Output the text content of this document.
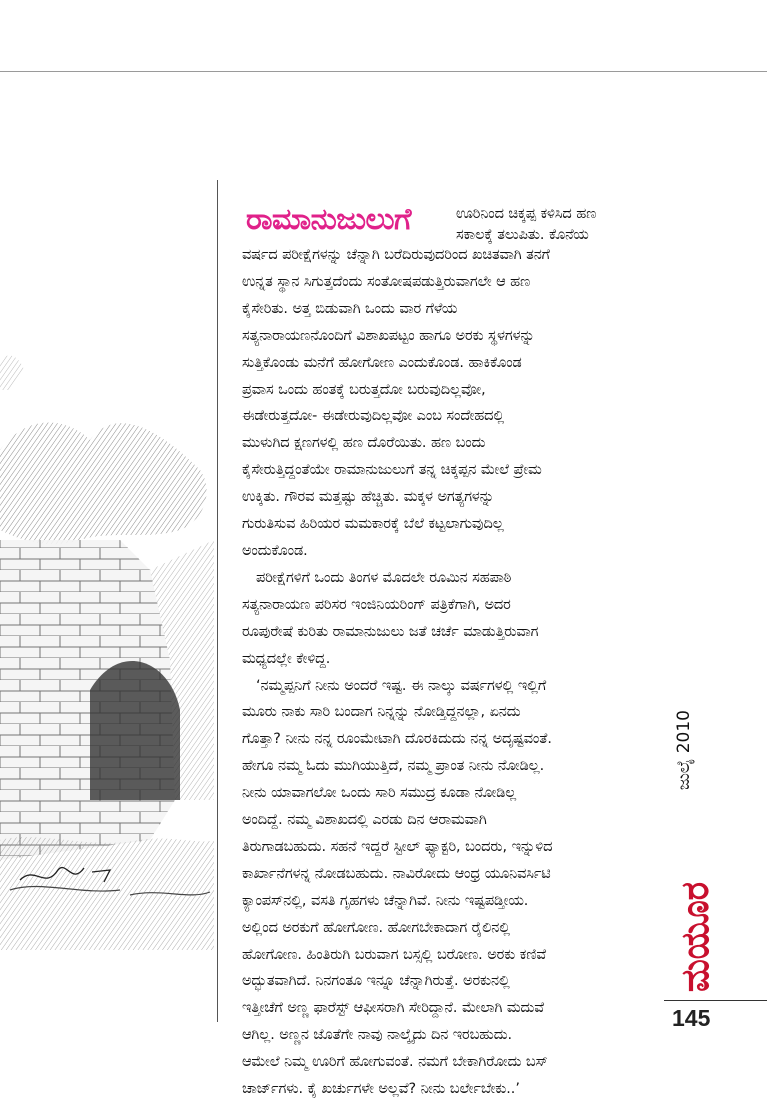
ರಾಮಾನುಜುಲುಗೆ	ಊರಿನಿಂದ ಚಿಕ್ಕಪ್ಪ ಕಳಿಸಿದ ಹಣ
ಸಕಾಲಕ್ಕೆ ತಲುಪಿತು. ಕೊನೆಯ
ವರ್ಷದ ಪರೀಕ್ಷೆಗಳನ್ನು ಚೆನ್ನಾಗಿ ಬರೆದಿರುವುದರಿಂದ ಖಚಿತವಾಗಿ ತನಗೆ
ಉನ್ನತ ಸ್ಥಾನ ಸಿಗುತ್ತದೆಂದು ಸಂತೋಷಪಡುತ್ತಿರುವಾಗಲೇ ಆ ಹಣ
ಕೈಸೇರಿತು. ಅತ್ತ ಬಿಡುವಾಗಿ ಒಂದು ವಾರ ಗೆಳೆಯ
ಸತ್ಯನಾರಾಯಣನೊಂದಿಗೆ ವಿಶಾಖಪಟ್ಟಂ ಹಾಗೂ ಅರಕು ಸ್ಥಳಗಳನ್ನು
ಸುತ್ತಿಕೊಂಡು ಮನೆಗೆ ಹೋಗೋಣ ಎಂದುಕೊಂಡ. ಹಾಕಿಕೊಂಡ
ಪ್ರವಾಸ ಒಂದು ಹಂತಕ್ಕೆ ಬರುತ್ತದೋ ಬರುವುದಿಲ್ಲವೋ,
ಈಡೇರುತ್ತದೋ- ಈಡೇರುವುದಿಲ್ಲವೋ ಎಂಬ ಸಂದೇಹದಲ್ಲಿ
ಮುಳುಗಿದ ಕ್ಷಣಗಳಲ್ಲಿ ಹಣ ದೊರೆಯಿತು. ಹಣ ಬಂದು
ಕೈಸೇರುತ್ತಿದ್ದಂತೆಯೇ ರಾಮಾನುಜುಲುಗೆ ತನ್ನ ಚಿಕ್ಕಪ್ಪನ ಮೇಲೆ ಪ್ರೇಮ
ಉಕ್ಕಿತು. ಗೌರವ ಮತ್ತಷ್ಟು ಹೆಚ್ಚಿತು. ಮಕ್ಕಳ ಅಗತ್ಯಗಳನ್ನು
ಗುರುತಿಸುವ ಹಿರಿಯರ ಮಮಕಾರಕ್ಕೆ ಬೆಲೆ ಕಟ್ಟಲಾಗುವುದಿಲ್ಲ
ಅಂದುಕೊಂಡ.
ಪರೀಕ್ಷೆಗಳಿಗೆ ಒಂದು ತಿಂಗಳ ಮೊದಲೇ ರೂಮಿನ ಸಹಪಾಠಿ
ಸತ್ಯನಾರಾಯಣ ಪರಿಸರ ಇಂಜಿನಿಯರಿಂಗ್ ಪತ್ರಿಕೆಗಾಗಿ, ಅದರ
ರೂಪುರೇಷೆ ಕುರಿತು ರಾಮಾನುಜುಲು ಜತೆ ಚರ್ಚೆ ಮಾಡುತ್ತಿರುವಾಗ
ಮಧ್ಯದಲ್ಲೇ ಕೇಳಿದ್ದ.
‘ನಮ್ಮಪ್ಪನಿಗೆ ನೀನು ಅಂದರೆ ಇಷ್ಟ. ಈ ನಾಲ್ಕು ವರ್ಷಗಳಲ್ಲಿ ಇಲ್ಲಿಗೆ
ಮೂರು ನಾಕು ಸಾರಿ ಬಂದಾಗ ನಿನ್ನನ್ನು ನೋಡ್ತಿದ್ದನಲ್ಲಾ, ಏನದು
ಗೊತ್ತಾ? ನೀನು ನನ್ನ ರೂಂಮೇಟಾಗಿ ದೊರಕಿದುದು ನನ್ನ ಅದೃಷ್ಟವಂತೆ.
ಹೇಗೂ ನಮ್ಮ ಓದು ಮುಗಿಯುತ್ತಿದೆ, ನಮ್ಮ ಪ್ರಾಂತ ನೀನು ನೋಡಿಲ್ಲ.
ನೀನು ಯಾವಾಗಲೋ ಒಂದು ಸಾರಿ ಸಮುದ್ರ ಕೂಡಾ ನೋಡಿಲ್ಲ
ಅಂದಿದ್ದೆ. ನಮ್ಮ ವಿಶಾಖದಲ್ಲಿ ಎರಡು ದಿನ ಆರಾಮವಾಗಿ
ತಿರುಗಾಡಬಹುದು. ಸಹನೆ ಇದ್ದರೆ ಸ್ಟೀಲ್ ಫ್ಯಾಕ್ಟರಿ, ಬಂದರು, ಇನ್ನುಳಿದ
ಕಾರ್ಖಾನೆಗಳನ್ನ ನೋಡಬಹುದು. ನಾವಿರೋದು ಆಂಧ್ರ ಯೂನಿವರ್ಸಿಟಿ
ಕ್ಯಾಂಪಸ್‌ನಲ್ಲಿ, ವಸತಿ ಗೃಹಗಳು ಚೆನ್ನಾಗಿವೆ. ನೀನು ಇಷ್ಟಪಡ್ತೀಯ.
ಅಲ್ಲಿಂದ ಅರಕುಗೆ ಹೋಗೋಣ. ಹೋಗಬೇಕಾದಾಗ ರೈಲಿನಲ್ಲಿ
ಹೋಗೋಣ. ಹಿಂತಿರುಗಿ ಬರುವಾಗ ಬಸ್ಸಲ್ಲಿ ಬರೋಣ. ಅರಕು ಕಣಿವೆ
ಅದ್ಭುತವಾಗಿದೆ. ನಿನಗಂತೂ ಇನ್ನೂ ಚೆನ್ನಾಗಿರುತ್ತೆ. ಅರಕುನಲ್ಲಿ
ಇತ್ತೀಚೆಗೆ ಅಣ್ಣ ಫಾರೆಸ್ಟ್ ಆಫೀಸರಾಗಿ ಸೇರಿದ್ದಾನೆ. ಮೇಲಾಗಿ ಮದುವೆ
ಆಗಿಲ್ಲ. ಅಣ್ಣನ ಜೊತೆಗೇ ನಾವು ನಾಲ್ಕೈದು ದಿನ ಇರಬಹುದು.
ಆಮೇಲೆ ನಿಮ್ಮ ಊರಿಗೆ ಹೋಗುವಂತೆ. ನಮಗೆ ಬೇಕಾಗಿರೋದು ಬಸ್
ಚಾರ್ಜ್‌ಗಳು. ಕೈ ಖರ್ಚುಗಳೇ ಅಲ್ಲವೆ? ನೀನು ಬರ್ಲೇಬೇಕು..’
ಜುಲೈ 2010
ಮಯೂರ
145
